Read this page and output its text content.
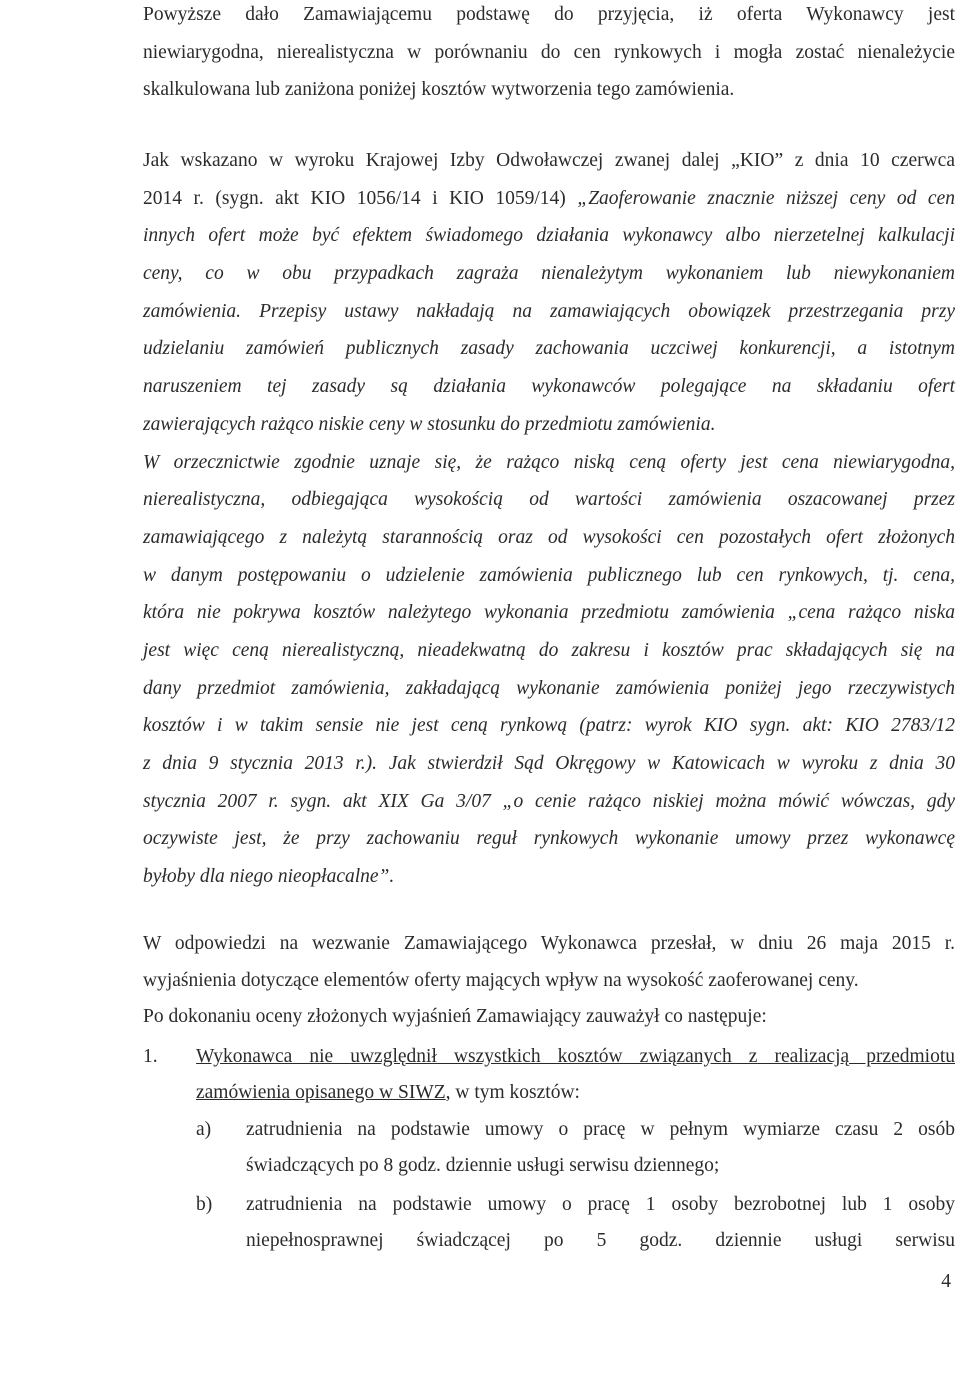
Powyższe dało Zamawiającemu podstawę do przyjęcia, iż oferta Wykonawcy jest
niewiarygodna, nierealistyczna w porównaniu do cen rynkowych i mogła zostać nienależycie
skalkulowana lub zaniżona poniżej kosztów wytworzenia tego zamówienia.
Jak wskazano w wyroku Krajowej Izby Odwoławczej zwanej dalej „KIO” z dnia 10 czerwca
2014 r. (sygn. akt KIO 1056/14 i KIO 1059/14) „Zaoferowanie znacznie niższej ceny od cen
innych ofert może być efektem świadomego działania wykonawcy albo nierzetelnej kalkulacji
ceny, co w obu przypadkach zagraża nienależytym wykonaniem lub niewykonaniem
zamówienia. Przepisy ustawy nakładają na zamawiających obowiązek przestrzegania przy
udzielaniu zamówień publicznych zasady zachowania uczciwej konkurencji, a istotnym
naruszeniem tej zasady są działania wykonawców polegające na składaniu ofert
zawierających rażąco niskie ceny w stosunku do przedmiotu zamówienia.
W orzecznictwie zgodnie uznaje się, że rażąco niską ceną oferty jest cena niewiarygodna,
nierealistyczna, odbiegająca wysokością od wartości zamówienia oszacowanej przez
zamawiającego z należytą starannością oraz od wysokości cen pozostałych ofert złożonych
w danym postępowaniu o udzielenie zamówienia publicznego lub cen rynkowych, tj. cena,
która nie pokrywa kosztów należytego wykonania przedmiotu zamówienia „cena rażąco niska
jest więc ceną nierealistyczną, nieadekwatną do zakresu i kosztów prac składających się na
dany przedmiot zamówienia, zakładającą wykonanie zamówienia poniżej jego rzeczywistych
kosztów i w takim sensie nie jest ceną rynkową (patrz: wyrok KIO sygn. akt: KIO 2783/12
z dnia 9 stycznia 2013 r.). Jak stwierdził Sąd Okręgowy w Katowicach w wyroku z dnia 30
stycznia 2007 r. sygn. akt XIX Ga 3/07 „o cenie rażąco niskiej można mówić wówczas, gdy
oczywiste jest, że przy zachowaniu reguł rynkowych wykonanie umowy przez wykonawcę
byłoby dla niego nieopłacalne”.
W odpowiedzi na wezwanie Zamawiającego Wykonawca przesłał, w dniu 26 maja 2015 r.
wyjaśnienia dotyczące elementów oferty mających wpływ na wysokość zaoferowanej ceny.
Po dokonaniu oceny złożonych wyjaśnień Zamawiający zauważył co następuje:
1. Wykonawca nie uwzględnił wszystkich kosztów związanych z realizacją przedmiotu
zamówienia opisanego w SIWZ, w tym kosztów:
a) zatrudnienia na podstawie umowy o pracę w pełnym wymiarze czasu 2 osób
świadczących po 8 godz. dziennie usługi serwisu dziennego;
b) zatrudnienia na podstawie umowy o pracę 1 osoby bezrobotnej lub 1 osoby
niepełnosprawnej świadczącej po 5 godz. dziennie usługi serwisu
4
